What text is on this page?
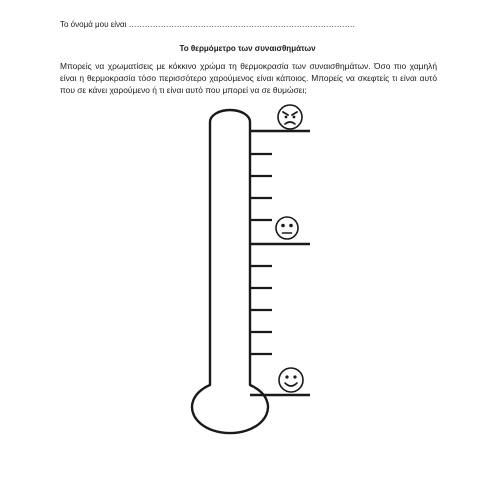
Το όνομά μου είναι ………………………………………………………………………….
Το θερμόμετρο των συναισθημάτων
Μπορείς να χρωματίσεις με κόκκινο χρώμα τη θερμοκρασία των συναισθημάτων. Όσο πιο χαμηλή είναι η θερμοκρασία τόσο περισσότερο χαρούμενος είναι κάποιος. Μπορείς να σκεφτείς τι είναι αυτό που σε κάνει χαρούμενο ή τι είναι αυτό που μπορεί να σε θυμώσει;
